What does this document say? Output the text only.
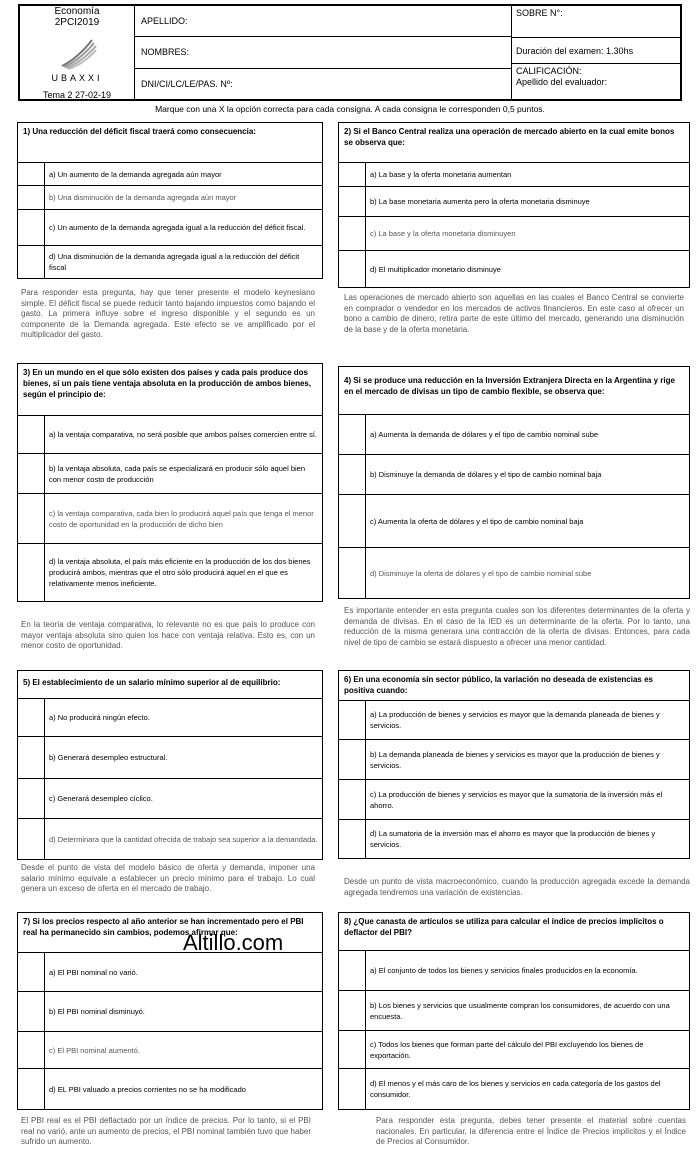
Economía
2PCI2019
UBAXXI
Tema 2 27-02-19
APELLIDO:
NOMBRES:
DNI/CI/LC/LE/PAS. Nº:
SOBRE N°:
Duración del examen: 1.30hs
CALIFICACIÓN:
Apellido del evaluador:
Marque con una X la opción correcta para cada consigna. A cada consigna le corresponden 0,5 puntos.
1) Una reducción del déficit fiscal traerá como consecuencia:
a) Un aumento de la demanda agregada aún mayor
b) Una disminución de la demanda agregada aún mayor
c) Un aumento de la demanda agregada igual a la reducción del déficit fiscal.
d) Una disminución de la demanda agregada igual a la reducción del déficit fiscal
Para responder esta pregunta, hay que tener presente el modelo keynesiano simple. El déficit fiscal se puede reducir tanto bajando impuestos como bajando el gasto. La primera influye sobre el ingreso disponible y el segundo es un componente de la Demanda agregada. Este efecto se ve amplificado por el multiplicador del gasto.
2) Si el Banco Central realiza una operación de mercado abierto en la cual emite bonos se observa que:
a) La base y la oferta monetaria aumentan
b) La base monetaria aumenta pero la oferta monetaria disminuye
c) La base y la oferta monetaria disminuyen
d) El multiplicador monetario disminuye
Las operaciones de mercado abierto son aquellas en las cuales el Banco Central se convierte en comprador o vendedor en los mercados de activos financieros. En este caso al ofrecer un bono a cambio de dinero, retira parte de este último del mercado, generando una disminución de la base y de la oferta monetaria.
3) En un mundo en el que sólo existen dos países y cada país produce dos bienes, si un país tiene ventaja absoluta en la producción de ambos bienes, según el principio de:
a) la ventaja comparativa, no será posible que ambos países comercien entre sí.
b) la ventaja absoluta, cada país se especializará en producir sólo aquel bien con menor costo de producción
c) la ventaja comparativa, cada bien lo producirá aquel país que tenga el menor costo de oportunidad en la producción de dicho bien
d) la ventaja absoluta, el país más eficiente en la producción de los dos bienes producirá ambos, mientras que el otro sólo producirá aquel en el que es relativamente menos ineficiente.
En la teoría de ventaja comparativa, lo relevante no es que país lo produce con mayor ventaja absoluta sino quien los hace con ventaja relativa. Esto es, con un menor costo de oportunidad.
4) Si se produce una reducción en la Inversión Extranjera Directa en la Argentina y rige en el mercado de divisas un tipo de cambio flexible, se observa que:
a) Aumenta la demanda de dólares y el tipo de cambio nominal sube
b) Disminuye la demanda de dólares y el tipo de cambio nominal baja
c) Aumenta la oferta de dólares y el tipo de cambio nominal baja
d) Disminuye la oferta de dólares y el tipo de cambio nominal sube
Es importante entender en esta pregunta cuales son los diferentes determinantes de la oferta y demanda de divisas. En el caso de la IED es un determinante de la oferta. Por lo tanto, una reducción de la misma generara una contracción de la oferta de divisas. Entonces, para cada nivel de tipo de cambio se estará dispuesto a ofrecer una menor cantidad.
5) El establecimiento de un salario mínimo superior al de equilibrio:
a) No producirá ningún efecto.
b) Generará desempleo estructural.
c) Generará desempleo cíclico.
d) Determinara que la cantidad ofrecida de trabajo sea superior a la demandada.
Desde el punto de vista del modelo básico de oferta y demanda, imponer una salario mínimo equivale a establecer un precio mínimo para el trabajo. Lo cual genera un exceso de oferta en el mercado de trabajo.
6) En una economía sin sector público, la variación no deseada de existencias es positiva cuando:
a) La producción de bienes y servicios es mayor que la demanda planeada de bienes y servicios.
b) La demanda planeada de bienes y servicios es mayor que la producción de bienes y servicios.
c) La producción de bienes y servicios es mayor que la sumatoria de la inversión más el ahorro.
d) La sumatoria de la inversión mas el ahorro es mayor que la producción de bienes y servicios.
Desde un punto de vista macroeconómico, cuando la producción agregada excede la demanda agregada tendremos una variación de existencias.
7) Si los precios respecto al año anterior se han incrementado pero el PBI real ha permanecido sin cambios, podemos afirmar que:
a) El PBI nominal no varió.
b) El PBI nominal disminuyó.
c) El PBI nominal aumentó.
d) EL PBI valuado a precios corrientes no se ha modificado
El PBI real es el PBI deflactado por un índice de precios. Por lo tanto, si el PBI real no varió, ante un aumento de precios, el PBI nominal también tuvo que haber sufrido un aumento.
8) ¿Que canasta de artículos se utiliza para calcular el índice de precios implícitos o deflactor del PBI?
a) El conjunto de todos los bienes y servicios finales producidos en la economía.
b) Los bienes y servicios que usualmente compran los consumidores, de acuerdo con una encuesta.
c) Todos los bienes que forman parte del cálculo del PBI excluyendo los bienes de exportación.
d) El menos y el más caro de los bienes y servicios en cada categoría de los gastos del consumidor.
Para responder esta pregunta, debes tener presente el material sobre cuentas nacionales. En particular, la diferencia entre el Índice de Precios implícitos y el Índice de Precios al Consumidor.
Altillo.com
